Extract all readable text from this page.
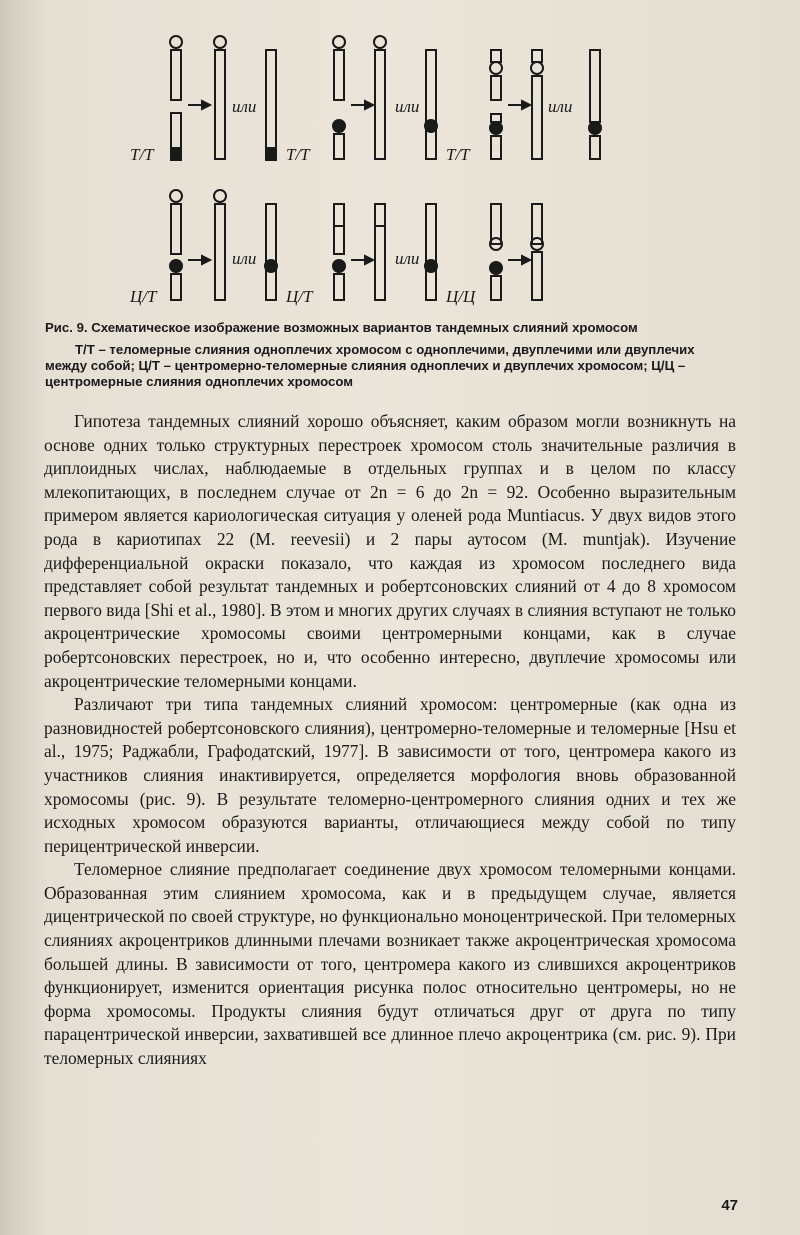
Т/Т	Т/Т	Т/Т
или	или	или
Ц/Т	Ц/Т	Ц/Ц
или	или

Рис. 9. Схематическое изображение возможных вариантов тандемных слияний хромосом

Т/Т – теломерные слияния одноплечих хромосом с одноплечими, двуплечими или двуплечих между собой; Ц/Т – центромерно-теломерные слияния одноплечих и двуплечих хромосом; Ц/Ц – центромерные слияния одноплечих хромосом

Гипотеза тандемных слияний хорошо объясняет, каким образом могли возникнуть на основе одних только структурных перестроек хромосом столь значительные различия в диплоидных числах, наблюдаемые в отдельных группах и в целом по классу млекопитающих, в последнем случае от 2n = 6 до 2n = 92. Особенно выразительным примером является кариологическая ситуация у оленей рода Muntiacus. У двух видов этого рода в кариотипах 22 (M. reevesii) и 2 пары аутосом (M. muntjak). Изучение дифференциальной окраски показало, что каждая из хромосом последнего вида представляет собой результат тандемных и робертсоновских слияний от 4 до 8 хромосом первого вида [Shi et al., 1980]. В этом и многих других случаях в слияния вступают не только акроцентрические хромосомы своими центромерными концами, как в случае робертсоновских перестроек, но и, что особенно интересно, двуплечие хромосомы или акроцентрические теломерными концами.

Различают три типа тандемных слияний хромосом: центромерные (как одна из разновидностей робертсоновского слияния), центромерно-теломерные и теломерные [Hsu et al., 1975; Раджабли, Графодатский, 1977]. В зависимости от того, центромера какого из участников слияния инактивируется, определяется морфология вновь образованной хромосомы (рис. 9). В результате теломерно-центромерного слияния одних и тех же исходных хромосом образуются варианты, отличающиеся между собой по типу перицентрической инверсии.

Теломерное слияние предполагает соединение двух хромосом теломерными концами. Образованная этим слиянием хромосома, как и в предыдущем случае, является дицентрической по своей структуре, но функционально моноцентрической. При теломерных слияниях акроцентриков длинными плечами возникает также акроцентрическая хромосома большей длины. В зависимости от того, центромера какого из слившихся акроцентриков функционирует, изменится ориентация рисунка полос относительно центромеры, но не форма хромосомы. Продукты слияния будут отличаться друг от друга по типу парацентрической инверсии, захватившей все длинное плечо акроцентрика (см. рис. 9). При теломерных слияниях

47
